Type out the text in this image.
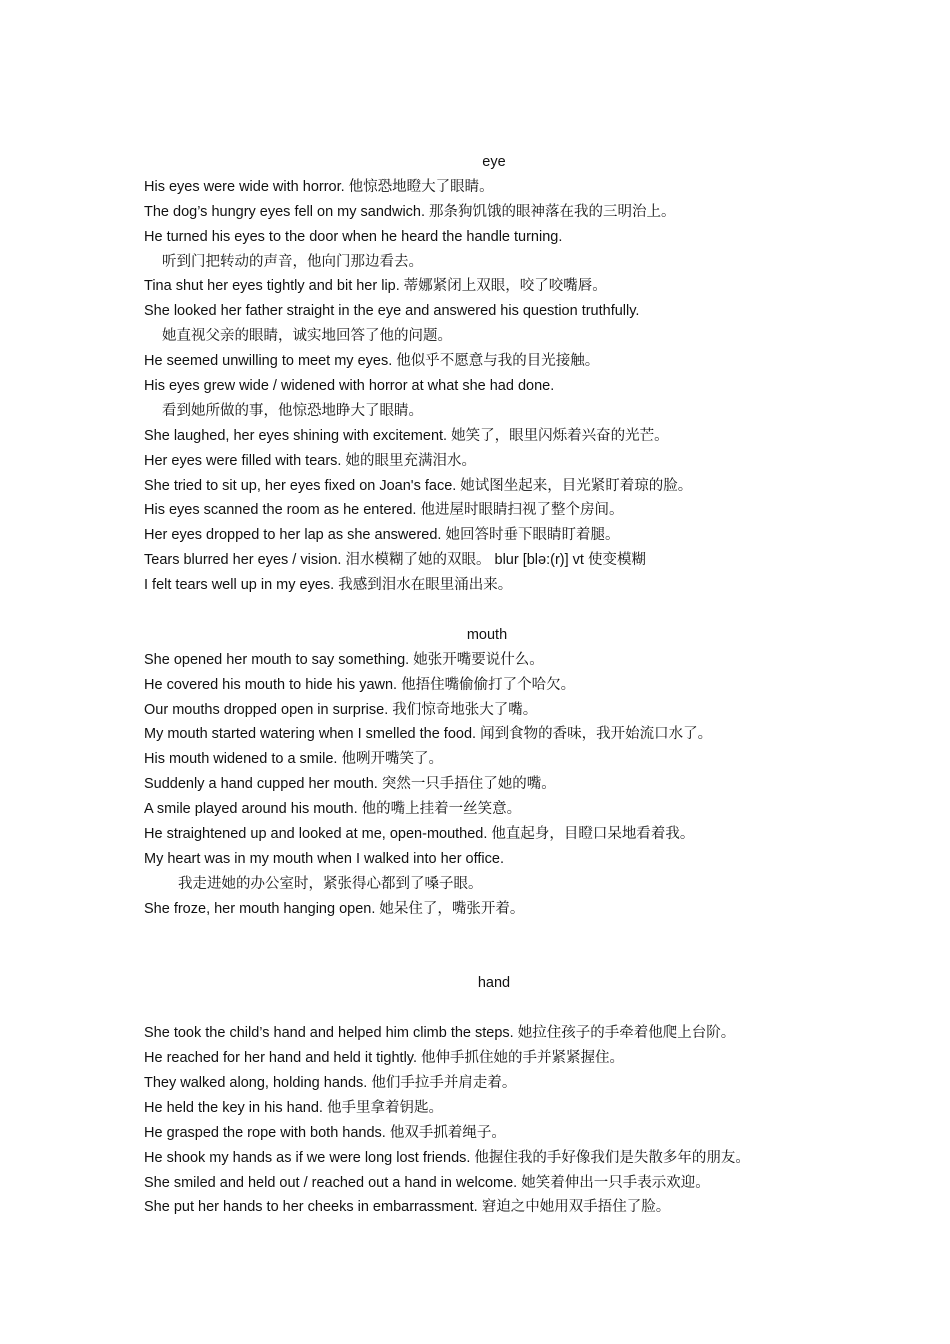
eye
His eyes were wide with horror. 他惊恐地瞪大了眼睛。
The dog’s hungry eyes fell on my sandwich. 那条狗饥饿的眼神落在我的三明治上。
He turned his eyes to the door when he heard the handle turning.
听到门把转动的声音，他向门那边看去。
Tina shut her eyes tightly and bit her lip. 蒂娜紧闭上双眼，咬了咬嘴唇。
She looked her father straight in the eye and answered his question truthfully.
她直视父亲的眼睛，诚实地回答了他的问题。
He seemed unwilling to meet my eyes. 他似乎不愿意与我的目光接触。
His eyes grew wide / widened with horror at what she had done.
看到她所做的事，他惊恐地睁大了眼睛。
She laughed, her eyes shining with excitement. 她笑了，眼里闪烁着兴奋的光芒。
Her eyes were filled with tears. 她的眼里充满泪水。
She tried to sit up, her eyes fixed on Joan's face. 她试图坐起来，目光紧盯着琼的脸。
His eyes scanned the room as he entered. 他进屋时眼睛扫视了整个房间。
Her eyes dropped to her lap as she answered. 她回答时垂下眼睛盯着腿。
Tears blurred her eyes / vision. 泪水模糊了她的双眼。 blur [blə:(r)] vt 使变模糊
I felt tears well up in my eyes. 我感到泪水在眼里涌出来。
mouth
She opened her mouth to say something. 她张开嘴要说什么。
He covered his mouth to hide his yawn. 他捂住嘴偷偷打了个哈欠。
Our mouths dropped open in surprise. 我们惊奇地张大了嘴。
My mouth started watering when I smelled the food. 闻到食物的香味，我开始流口水了。
His mouth widened to a smile. 他咧开嘴笑了。
Suddenly a hand cupped her mouth. 突然一只手捂住了她的嘴。
A smile played around his mouth. 他的嘴上挂着一丝笑意。
He straightened up and looked at me, open-mouthed. 他直起身，目瞪口呆地看着我。
My heart was in my mouth when I walked into her office.
我走进她的办公室时，紧张得心都到了嗓子眼。
She froze, her mouth hanging open. 她呆住了，嘴张开着。
hand
She took the child’s hand and helped him climb the steps. 她拉住孩子的手牵着他爬上台阶。
He reached for her hand and held it tightly. 他伸手抓住她的手并紧紧握住。
They walked along, holding hands. 他们手拉手并肩走着。
He held the key in his hand. 他手里拿着钥匙。
He grasped the rope with both hands. 他双手抓着绳子。
He shook my hands as if we were long lost friends. 他握住我的手好像我们是失散多年的朋友。
She smiled and held out / reached out a hand in welcome. 她笑着伸出一只手表示欢迎。
She put her hands to her cheeks in embarrassment. 窘迫之中她用双手捂住了脸。
